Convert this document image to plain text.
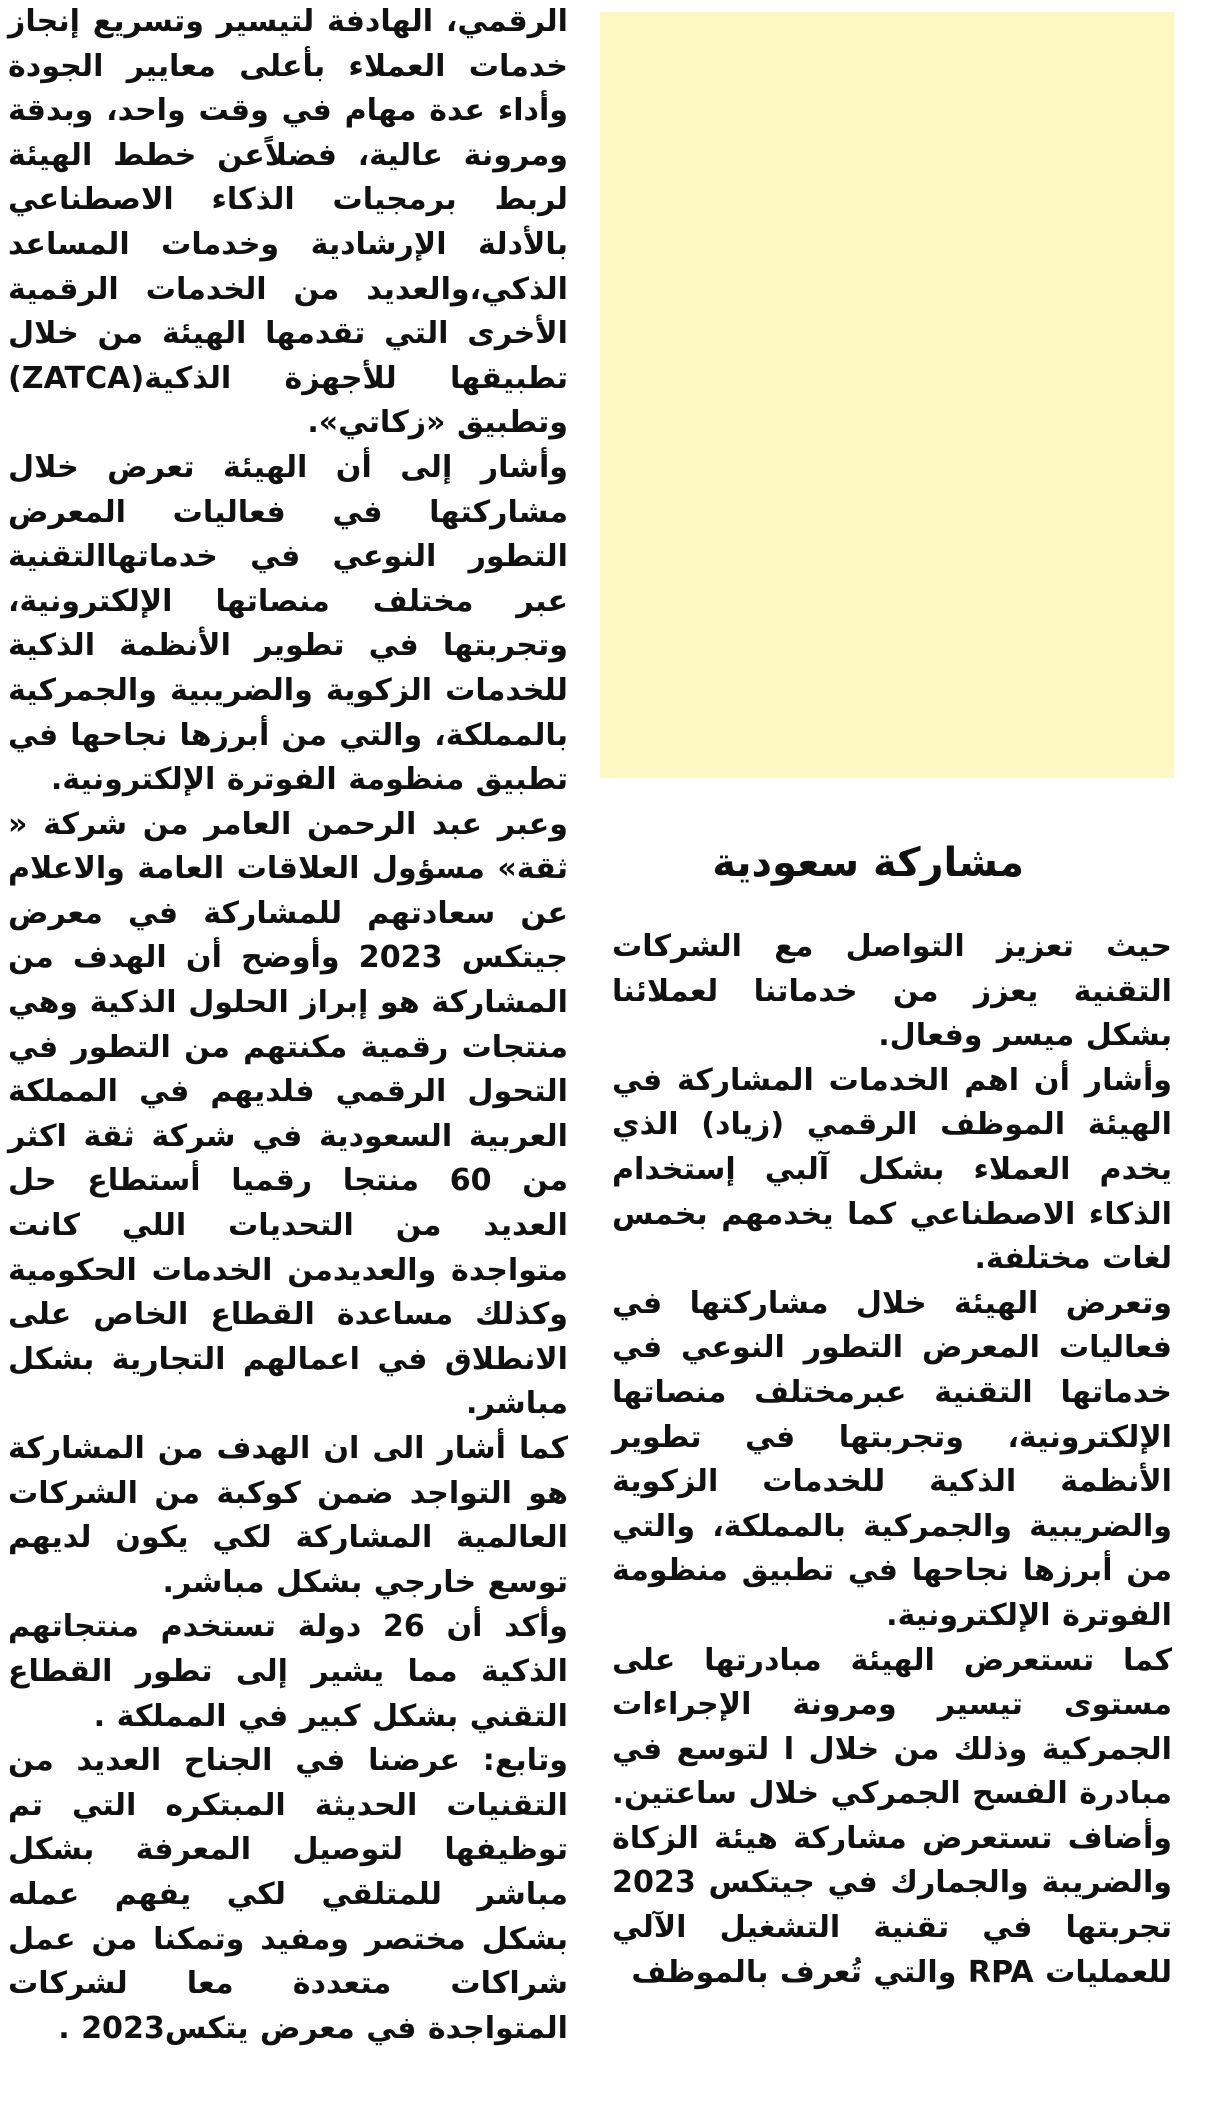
مشاركة سعودية

حيث تعزيز التواصل مع الشركات التقنية يعزز من خدماتنا لعملائنا بشكل ميسر وفعال.

وأشار أن اهم الخدمات المشاركة في الهيئة الموظف الرقمي (زياد) الذي يخدم العملاء بشكل آلبي إستخدام الذكاء الاصطناعي كما يخدمهم بخمس لغات مختلفة.

وتعرض الهيئة خلال مشاركتها في فعاليات المعرض التطور النوعي في خدماتها التقنية عبرمختلف منصاتها الإلكترونية، وتجربتها في تطوير الأنظمة الذكية للخدمات الزكوية والضريبية والجمركية بالمملكة، والتي من أبرزها نجاحها في تطبيق منظومة الفوترة الإلكترونية.

كما تستعرض الهيئة مبادرتها على مستوى تيسير ومرونة الإجراءات الجمركية وذلك من خلال ا لتوسع في مبادرة الفسح الجمركي خلال ساعتين.

وأضاف تستعرض مشاركة هيئة الزكاة والضريبة والجمارك في جيتكس 2023 تجربتها في تقنية التشغيل الآلي للعمليات RPA والتي تُعرف بالموظف

الرقمي، الهادفة لتيسير وتسريع إنجاز خدمات العملاء بأعلى معايير الجودة وأداء عدة مهام في وقت واحد، وبدقة ومرونة عالية، فضلاًعن خطط الهيئة لربط برمجيات الذكاء الاصطناعي بالأدلة الإرشادية وخدمات المساعد الذكي،والعديد من الخدمات الرقمية الأخرى التي تقدمها الهيئة من خلال تطبيقها للأجهزة الذكية(ZATCA) وتطبيق «زكاتي».

وأشار إلى أن الهيئة تعرض خلال مشاركتها في فعاليات المعرض التطور النوعي في خدماتهاالتقنية عبر مختلف منصاتها الإلكترونية، وتجربتها في تطوير الأنظمة الذكية للخدمات الزكوية والضريبية والجمركية بالمملكة، والتي من أبرزها نجاحها في تطبيق منظومة الفوترة الإلكترونية.

وعبر عبد الرحمن العامر من شركة « ثقة» مسؤول العلاقات العامة والاعلام عن سعادتهم للمشاركة في معرض جيتكس 2023 وأوضح أن الهدف من المشاركة هو إبراز الحلول الذكية وهي منتجات رقمية مكنتهم من التطور في التحول الرقمي فلديهم في المملكة العربية السعودية في شركة ثقة اكثر من 60 منتجا رقميا أستطاع حل العديد من التحديات اللي كانت متواجدة والعديدمن الخدمات الحكومية وكذلك مساعدة القطاع الخاص على الانطلاق في اعمالهم التجارية بشكل مباشر.

كما أشار الى ان الهدف من المشاركة هو التواجد ضمن كوكبة من الشركات العالمية المشاركة لكي يكون لديهم توسع خارجي بشكل مباشر.

وأكد أن 26 دولة تستخدم منتجاتهم الذكية مما يشير إلى تطور القطاع التقني بشكل كبير في المملكة .

وتابع: عرضنا في الجناح العديد من التقنيات الحديثة المبتكره التي تم توظيفها لتوصيل المعرفة بشكل مباشر للمتلقي لكي يفهم عمله بشكل مختصر ومفيد وتمكنا من عمل شراكات متعددة معا لشركات المتواجدة في معرض يتكس2023 .
